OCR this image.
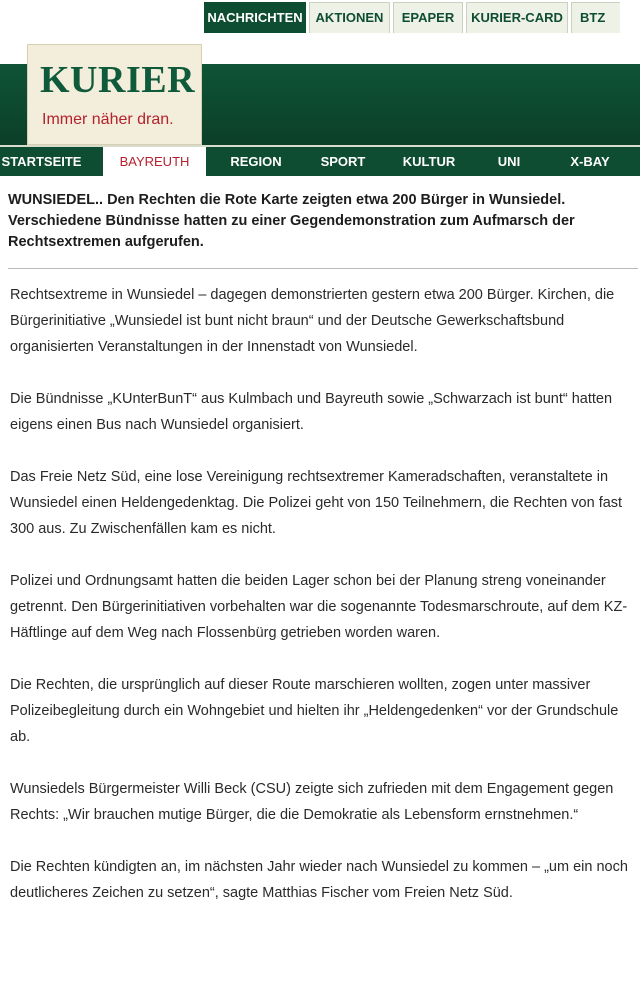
NACHRICHTEN AKTIONEN	EPAPER	KURIER-CARD	BTZ
KURIER
Immer näher dran.
STARTSEITE	BAYREUTH	REGION	SPORT	KULTUR	UNI	X-BAY
WUNSIEDEL.. Den Rechten die Rote Karte zeigten etwa 200 Bürger in Wunsiedel. Verschiedene Bündnisse hatten zu einer Gegendemonstration zum Aufmarsch der Rechtsextremen aufgerufen.

Rechtsextreme in Wunsiedel – dagegen demonstrierten gestern etwa 200 Bürger. Kirchen, die Bürgerinitiative „Wunsiedel ist bunt nicht braun“ und der Deutsche Gewerkschaftsbund organisierten Veranstaltungen in der Innenstadt von Wunsiedel.

Die Bündnisse „KUnterBunT“ aus Kulmbach und Bayreuth sowie „Schwarzach ist bunt“ hatten eigens einen Bus nach Wunsiedel organisiert.

Das Freie Netz Süd, eine lose Vereinigung rechtsextremer Kameradschaften, veranstaltete in Wunsiedel einen Heldengedenktag. Die Polizei geht von 150 Teilnehmern, die Rechten von fast 300 aus. Zu Zwischenfällen kam es nicht.

Polizei und Ordnungsamt hatten die beiden Lager schon bei der Planung streng voneinander getrennt. Den Bürgerinitiativen vorbehalten war die sogenannte Todesmarschroute, auf dem KZ-Häftlinge auf dem Weg nach Flossenbürg getrieben worden waren.

Die Rechten, die ursprünglich auf dieser Route marschieren wollten, zogen unter massiver Polizeibegleitung durch ein Wohngebiet und hielten ihr „Heldengedenken“ vor der Grundschule ab.

Wunsiedels Bürgermeister Willi Beck (CSU) zeigte sich zufrieden mit dem Engagement gegen Rechts: „Wir brauchen mutige Bürger, die die Demokratie als Lebensform ernstnehmen.“

Die Rechten kündigten an, im nächsten Jahr wieder nach Wunsiedel zu kommen – „um ein noch deutlicheres Zeichen zu setzen“, sagte Matthias Fischer vom Freien Netz Süd.
